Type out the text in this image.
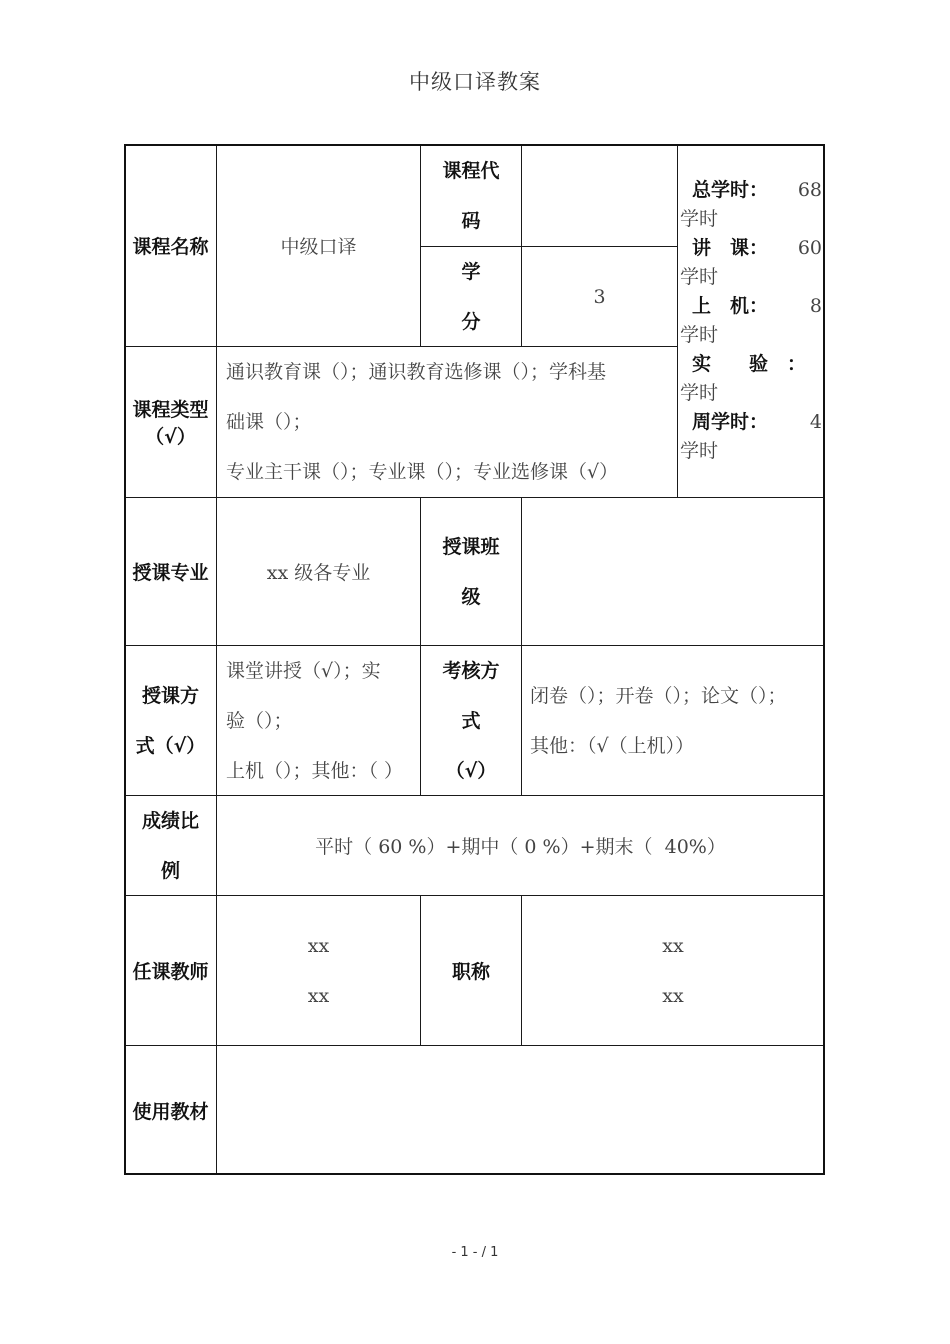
中级口译教案
课程名称	中级口译
课程代
码
学
分
3
总学时： 68
学时
讲　课： 60
学时
上　机： 8
学时
实　　验　：
学时
周学时： 4
学时
课程类型
（√）
通识教育课（）；通识教育选修课（）；学科基
础课（）；
专业主干课（）；专业课（）；专业选修课（√）
授课专业	xx 级各专业
授课班
级
授课方
式（√）
课堂讲授（√）；实
验（）；
上机（）；其他：（ ）
考核方
式
（√）
闭卷（）；开卷（）；论文（）；
其他：（√（上机））
成绩比
例
平时（ 60 %）+期中（ 0 %）+期末（  40%）
任课教师
xx
xx
职称
xx
xx
使用教材
- 1 - / 1
